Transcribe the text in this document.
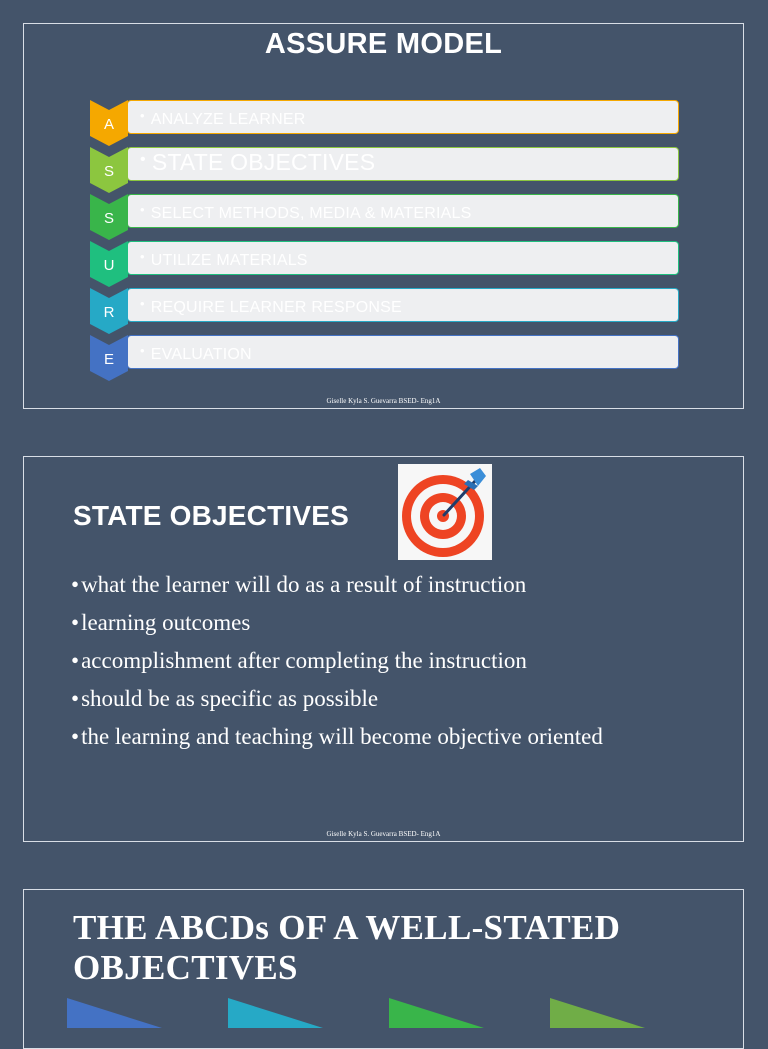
ASSURE MODEL
• ANALYZE LEARNER
A
• STATE OBJECTIVES
S
• SELECT METHODS, MEDIA & MATERIALS
S
• UTILIZE MATERIALS
U
• REQUIRE LEARNER RESPONSE
R
• EVALUATION
E
Giselle Kyla S. Guevarra BSED- Eng1A
STATE OBJECTIVES
•what the learner will do as a result of instruction
•learning outcomes
•accomplishment after completing the instruction
•should be as specific as possible
•the learning and teaching will become objective oriented
Giselle Kyla S. Guevarra BSED- Eng1A
THE ABCDs OF A WELL-STATED
OBJECTIVES
